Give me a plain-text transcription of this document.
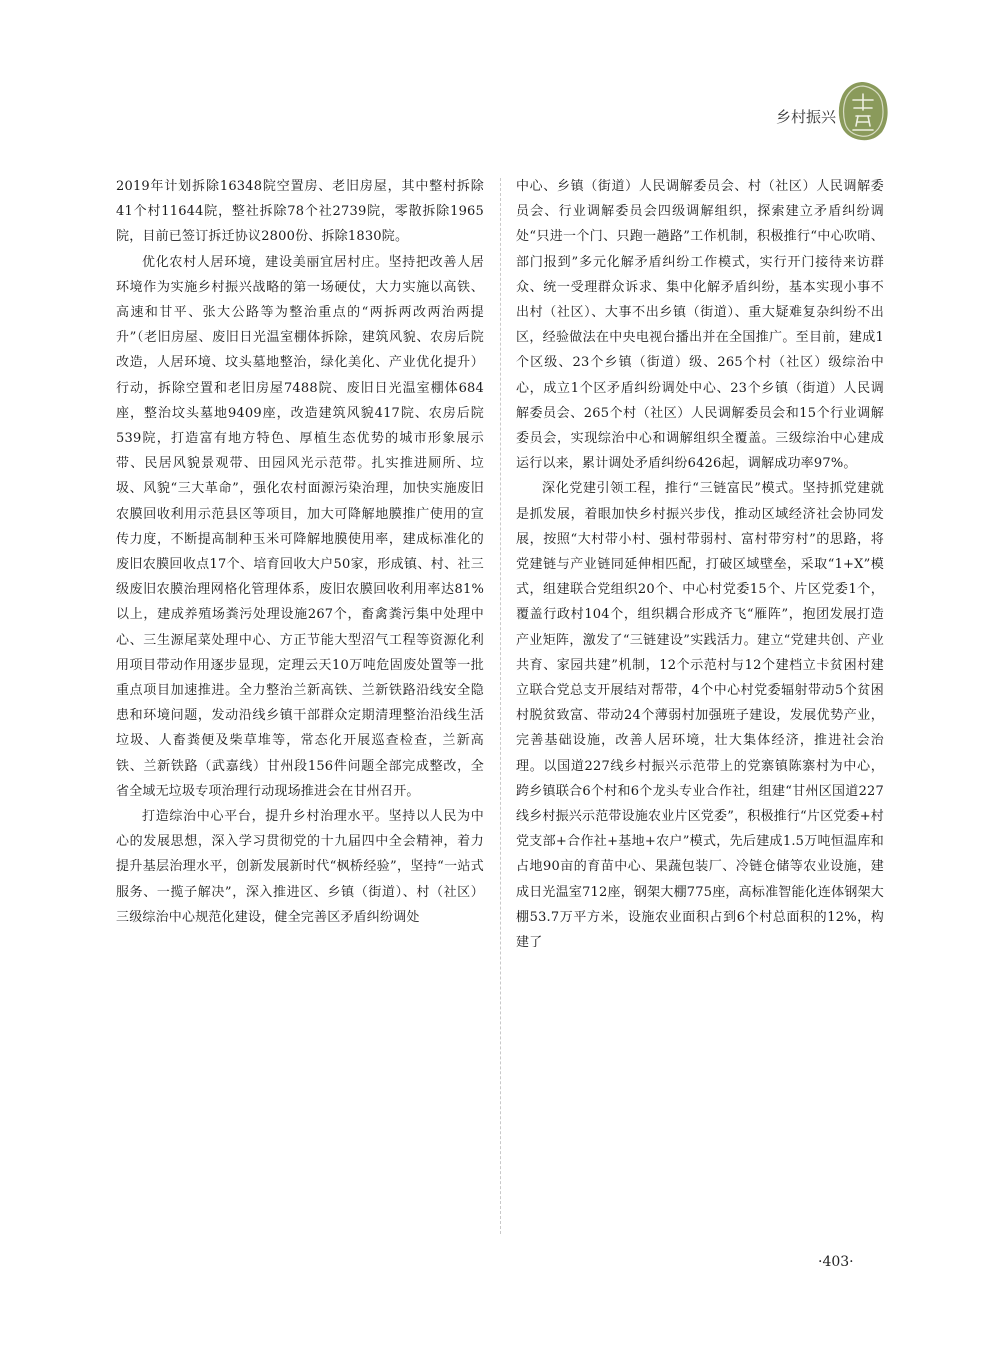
乡村振兴

2019年计划拆除16348院空置房、老旧房屋，其中整村拆除41个村11644院，整社拆除78个社2739院，零散拆除1965院，目前已签订拆迁协议2800份、拆除1830院。

优化农村人居环境，建设美丽宜居村庄。坚持把改善人居环境作为实施乡村振兴战略的第一场硬仗，大力实施以高铁、高速和甘平、张大公路等为整治重点的“两拆两改两治两提升”（老旧房屋、废旧日光温室棚体拆除，建筑风貌、农房后院改造，人居环境、坟头墓地整治，绿化美化、产业优化提升）行动，拆除空置和老旧房屋7488院、废旧日光温室棚体684座，整治坟头墓地9409座，改造建筑风貌417院、农房后院539院，打造富有地方特色、厚植生态优势的城市形象展示带、民居风貌景观带、田园风光示范带。扎实推进厕所、垃圾、风貌“三大革命”，强化农村面源污染治理，加快实施废旧农膜回收利用示范县区等项目，加大可降解地膜推广使用的宣传力度，不断提高制种玉米可降解地膜使用率，建成标准化的废旧农膜回收点17个、培育回收大户50家，形成镇、村、社三级废旧农膜治理网格化管理体系，废旧农膜回收利用率达81%以上，建成养殖场粪污处理设施267个，畜禽粪污集中处理中心、三生源尾菜处理中心、方正节能大型沼气工程等资源化利用项目带动作用逐步显现，定理云天10万吨危固废处置等一批重点项目加速推进。全力整治兰新高铁、兰新铁路沿线安全隐患和环境问题，发动沿线乡镇干部群众定期清理整治沿线生活垃圾、人畜粪便及柴草堆等，常态化开展巡查检查，兰新高铁、兰新铁路（武嘉线）甘州段156件问题全部完成整改，全省全域无垃圾专项治理行动现场推进会在甘州召开。

打造综治中心平台，提升乡村治理水平。坚持以人民为中心的发展思想，深入学习贯彻党的十九届四中全会精神，着力提升基层治理水平，创新发展新时代“枫桥经验”，坚持“一站式服务、一揽子解决”，深入推进区、乡镇（街道）、村（社区）三级综治中心规范化建设，健全完善区矛盾纠纷调处

中心、乡镇（街道）人民调解委员会、村（社区）人民调解委员会、行业调解委员会四级调解组织，探索建立矛盾纠纷调处“只进一个门、只跑一趟路”工作机制，积极推行“中心吹哨、部门报到”多元化解矛盾纠纷工作模式，实行开门接待来访群众、统一受理群众诉求、集中化解矛盾纠纷，基本实现小事不出村（社区）、大事不出乡镇（街道）、重大疑难复杂纠纷不出区，经验做法在中央电视台播出并在全国推广。至目前，建成1个区级、23个乡镇（街道）级、265个村（社区）级综治中心，成立1个区矛盾纠纷调处中心、23个乡镇（街道）人民调解委员会、265个村（社区）人民调解委员会和15个行业调解委员会，实现综治中心和调解组织全覆盖。三级综治中心建成运行以来，累计调处矛盾纠纷6426起，调解成功率97%。

深化党建引领工程，推行“三链富民”模式。坚持抓党建就是抓发展，着眼加快乡村振兴步伐，推动区域经济社会协同发展，按照“大村带小村、强村带弱村、富村带穷村”的思路，将党建链与产业链同延伸相匹配，打破区域壁垒，采取“1+X”模式，组建联合党组织20个、中心村党委15个、片区党委1个，覆盖行政村104个，组织耦合形成齐飞“雁阵”，抱团发展打造产业矩阵，激发了“三链建设”实践活力。建立“党建共创、产业共育、家园共建”机制，12个示范村与12个建档立卡贫困村建立联合党总支开展结对帮带，4个中心村党委辐射带动5个贫困村脱贫致富、带动24个薄弱村加强班子建设，发展优势产业，完善基础设施，改善人居环境，壮大集体经济，推进社会治理。以国道227线乡村振兴示范带上的党寨镇陈寨村为中心，跨乡镇联合6个村和6个龙头专业合作社，组建“甘州区国道227线乡村振兴示范带设施农业片区党委”，积极推行“片区党委+村党支部+合作社+基地+农户”模式，先后建成1.5万吨恒温库和占地90亩的育苗中心、果蔬包装厂、冷链仓储等农业设施，建成日光温室712座，钢架大棚775座，高标准智能化连体钢架大棚53.7万平方米，设施农业面积占到6个村总面积的12%，构建了

·403·
